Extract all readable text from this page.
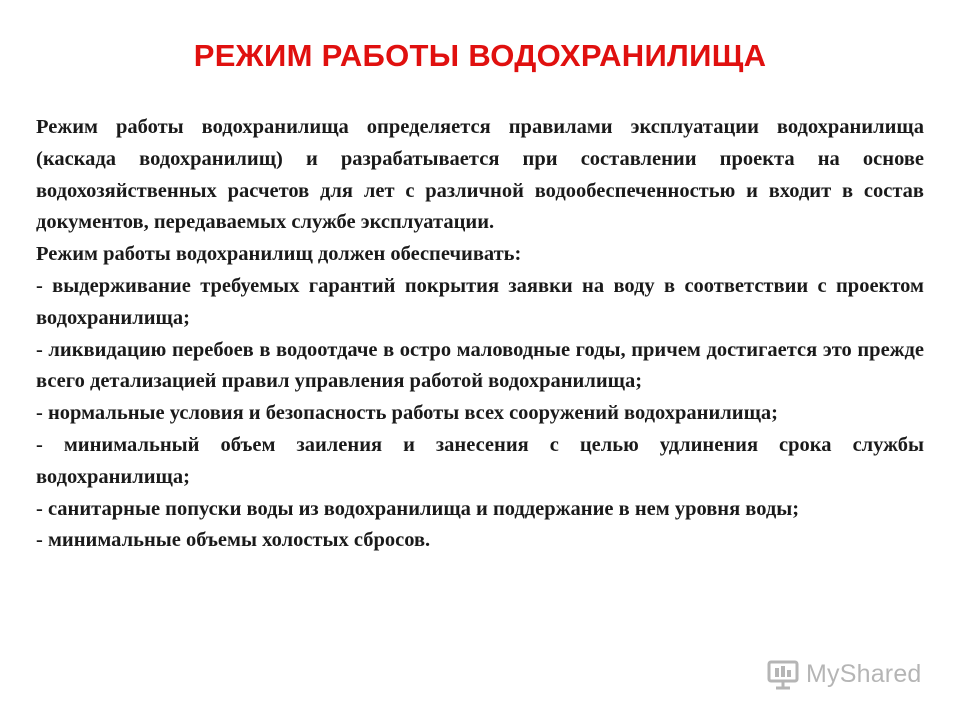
РЕЖИМ РАБОТЫ ВОДОХРАНИЛИЩА

Режим работы водохранилища определяется правилами эксплуатации водохранилища (каскада водохранилищ) и разрабатывается при составлении проекта на основе водохозяйственных расчетов для лет с различной водообеспеченностью и входит в состав документов, передаваемых службе эксплуатации.

Режим работы водохранилищ должен обеспечивать:

- выдерживание требуемых гарантий покрытия заявки на воду в соответствии с проектом водохранилища;

- ликвидацию перебоев в водоотдаче в остро маловодные годы, причем достигается это прежде всего детализацией правил управления работой водохранилища;

- нормальные условия и безопасность работы всех сооружений водохранилища;

- минимальный объем заиления и занесения с целью удлинения срока службы водохранилища;

- санитарные попуски воды из водохранилища и поддержание в нем уровня воды;

- минимальные объемы холостых сбросов.

MyShared
